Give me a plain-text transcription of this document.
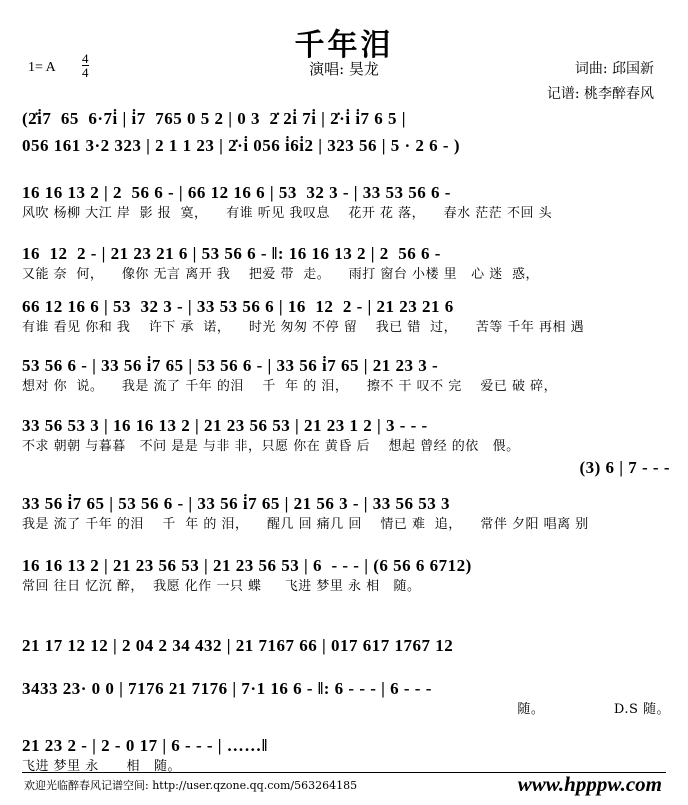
千年泪
演唱: 昊龙
1= A $\frac{4}{4}$	词曲: 邱国新
记谱: 桃李醉春风
(2̇i̇7  65  6·7i̇ | i̇7  765 0 5 2 | 0 3  2̇ 2i̇ 7i̇ | 2̇·i̇ i̇7 6 5 |
056 161 3·2 323 | 2 1 1 23 | 2̇·i̇ 056 i̇6i̇2 | 323 56 | 5 · 2 6 - )
16 16 13 2 | 2  56 6 - | 66 12 16 6 | 53  32 3 - | 33 53 56 6 -
风吹 杨柳 大江 岸  影 报  寞，    有谁 听见 我叹息    花开 花 落，    春水 茫茫 不回 头
16  12  2 - | 21 23 21 6 | 53 56 6 - ‖: 16 16 13 2 | 2  56 6 -
又能 奈  何，    像你 无言 离开 我    把爱 带  走。    雨打 窗台 小楼 里   心 迷  惑，
66 12 16 6 | 53  32 3 - | 33 53 56 6 | 16  12  2 - | 21 23 21 6
有谁 看见 你和 我    许下 承  诺，    时光 匆匆 不停 留    我已 错  过，    苦等 千年 再相 遇
53 56 6 - | 33 56 i̇7 65 | 53 56 6 - | 33 56 i̇7 65 | 21 23 3 -
想对 你  说。    我是 流了 千年 的泪    千  年 的 泪，    擦不 干 叹不 完    爱已 破 碎，
33 56 53 3 | 16 16 13 2 | 21 23 56 53 | 21 23 1 2 | 3 - - -
不求 朝朝 与暮暮   不问 是是 与非 非，只愿 你在 黄昏 后    想起 曾经 的依   偎。
(3) 6 | 7 - - -
33 56 i̇7 65 | 53 56 6 - | 33 56 i̇7 65 | 21 56 3 - | 33 56 53 3
我是 流了 千年 的泪    千  年 的 泪，    醒几 回 痛几 回    情已 难  追，    常伴 夕阳 唱离 别
16 16 13 2 | 21 23 56 53 | 21 23 56 53 | 6  - - - | (6 56 6 6712)
常回 往日 忆沉 醉，  我愿 化作 一只 蝶     飞进 梦里 永 相   随。
21 17 12 12 | 2 04 2 34 432 | 21 7167 66 | 017 617 1767 12
3433 23· 0 0 | 7176 21 7176 | 7·1 16 6 - ‖: 6 - - - | 6 - - -
随。               D.S 随。
21 23 2 - | 2 - 0 17 | 6 - - - | ……‖
飞进 梦里 永      相   随。
欢迎光临醉春风记谱空间: http://user.qzone.qq.com/563264185	www.hpppw.com
